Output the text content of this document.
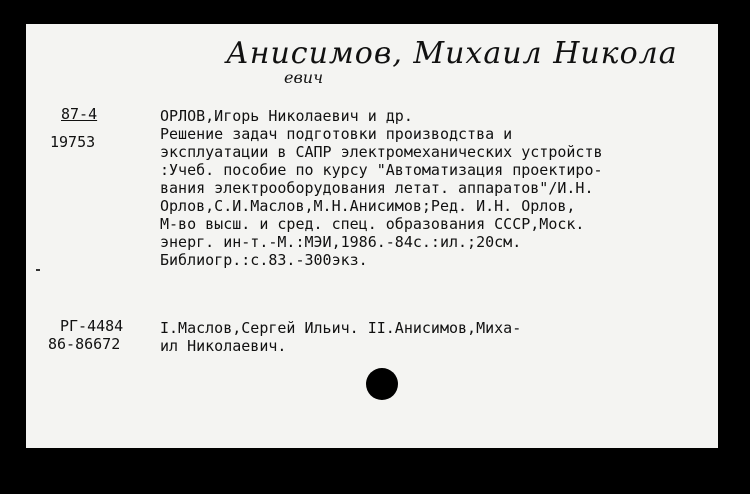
Анисимов, Михаил Никола
евич
87-4
19753
ОРЛОВ,Игорь Николаевич и др.
Решение задач подготовки производства и
эксплуатации в САПР электромеханических устройств
:Учеб. пособие по курсу "Автоматизация проектиро-
вания электрооборудования летат. аппаратов"/И.Н.
Орлов,С.И.Маслов,М.Н.Анисимов;Ред. И.Н. Орлов,
М-во высш. и сред. спец. образования СССР,Моск.
энерг. ин-т.-М.:МЭИ,1986.-84с.:ил.;20см.
Библиогр.:с.83.-300экз.
РГ-4484
86-86672
I.Маслов,Сергей Ильич. II.Анисимов,Миха-
ил Николаевич.
